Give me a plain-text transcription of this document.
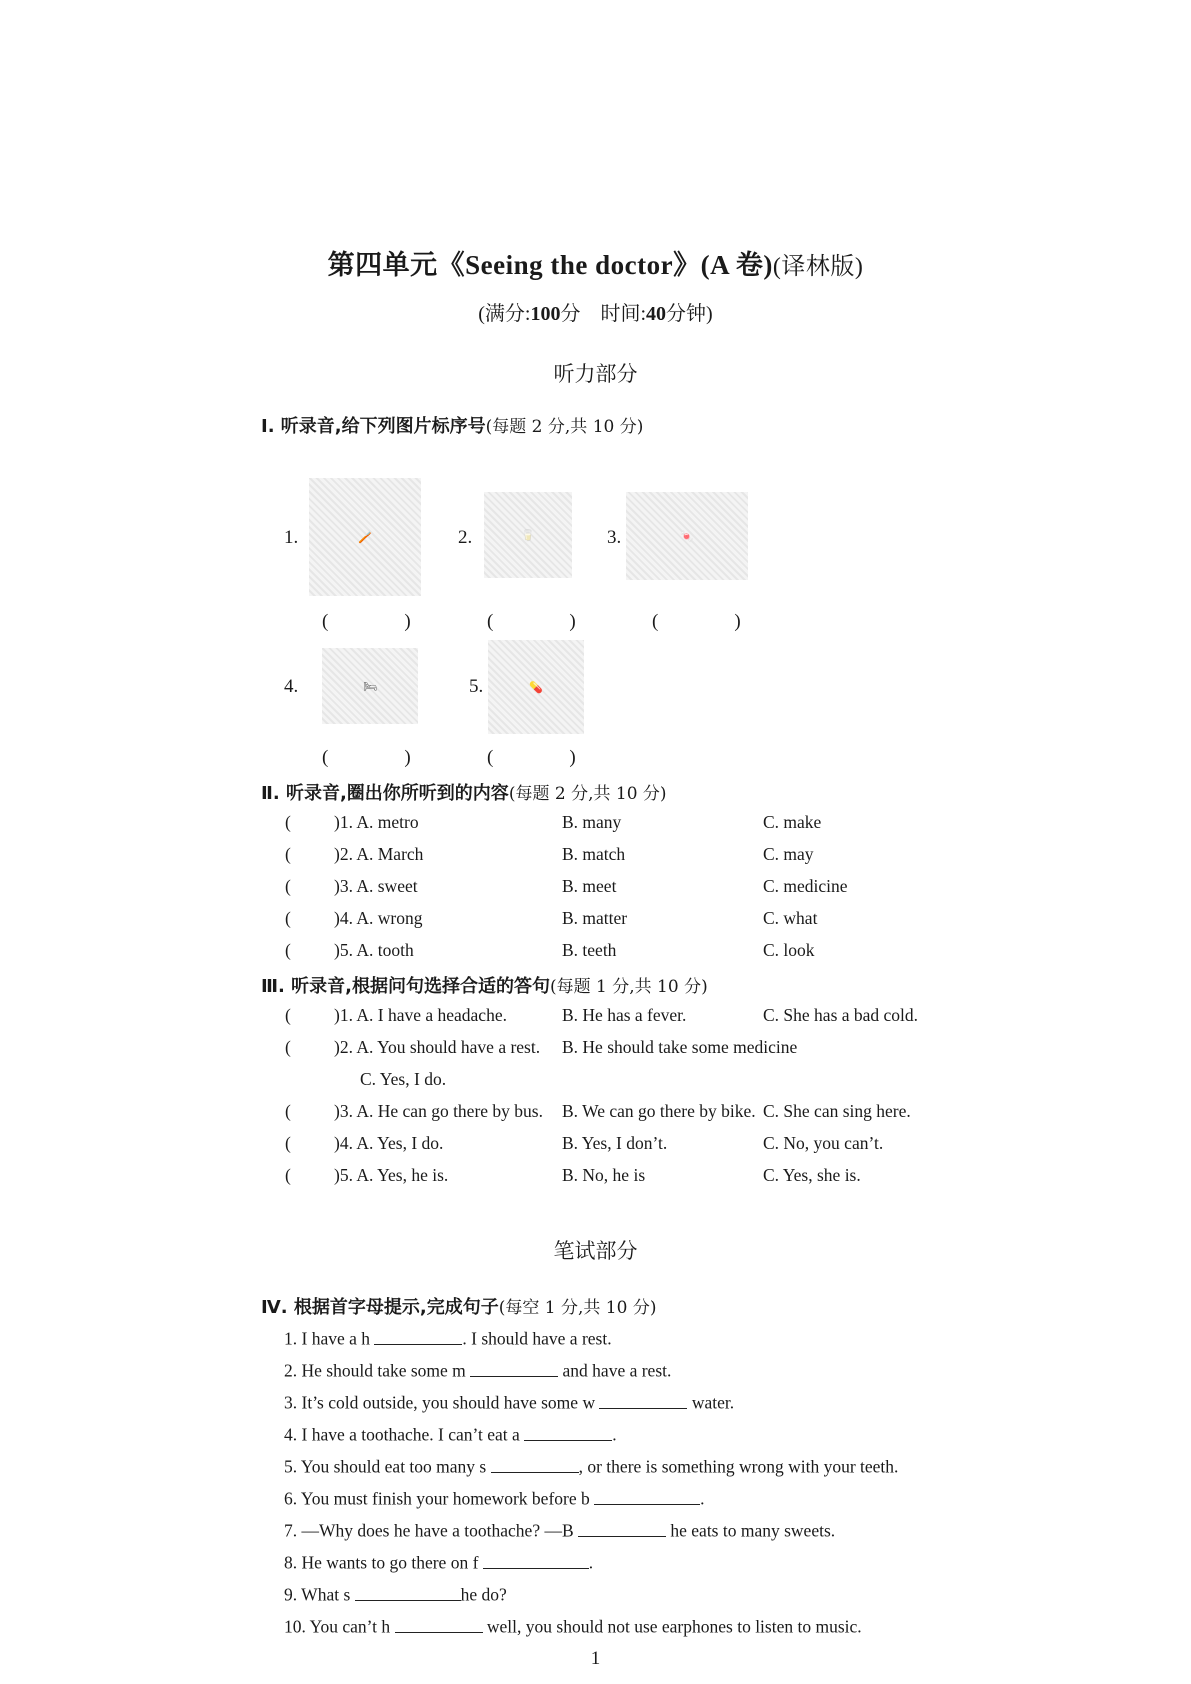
第四单元《Seeing the doctor》(A 卷)(译林版)
(满分:100分　时间:40分钟)
听力部分
Ⅰ. 听录音,给下列图片标序号(每题 2 分,共 10 分)
1.	🪥	2.	🥛	3.	🍬
(　　　　)	(　　　　)	(　　　　)
4.	🛏	5.	💊
(　　　　)	(　　　　)
Ⅱ. 听录音,圈出你所听到的内容(每题 2 分,共 10 分)
( )1. A. metro	B. many	C. make
( )2. A. March	B. match	C. may
( )3. A. sweet	B. meet	C. medicine
( )4. A. wrong	B. matter	C. what
( )5. A. tooth	B. teeth	C. look
Ⅲ. 听录音,根据问句选择合适的答句(每题 1 分,共 10 分)
( )1. A. I have a headache.	B. He has a fever.	C. She has a bad cold.
( )2. A. You should have a rest. B. He should take some medicine
C. Yes, I do.
( )3. A. He can go there by bus. B. We can go there by bike. C. She can sing here.
( )4. A. Yes, I do.	B. Yes, I don’t.	C. No, you can’t.
( )5. A. Yes, he is.	B. No, he is	C. Yes, she is.
笔试部分
Ⅳ. 根据首字母提示,完成句子(每空 1 分,共 10 分)
1. I have a h	. I should have a rest.
2. He should take some m	and have a rest.
3. It’s cold outside, you should have some w	water.
4. I have a toothache. I can’t eat a	.
5. You should eat too many s	, or there is something wrong with your teeth.
6. You must finish your homework before b	.
7. —Why does he have a toothache? —B	he eats to many sweets.
8. He wants to go there on f	.
9. What s	he do?
10. You can’t h	well, you should not use earphones to listen to music.
1
